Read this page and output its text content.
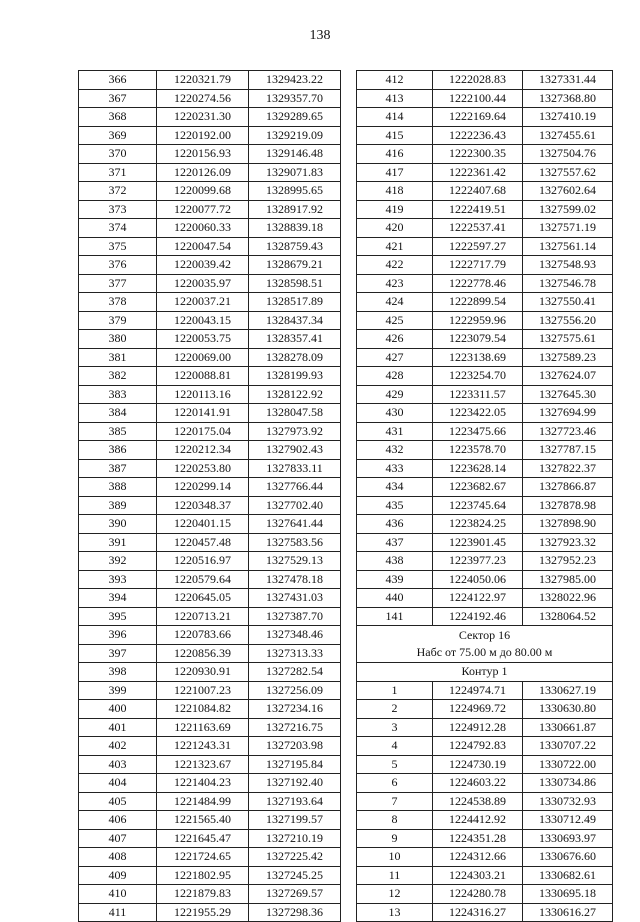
138
366	1220321.79	1329423.22
367	1220274.56	1329357.70
368	1220231.30	1329289.65
369	1220192.00	1329219.09
370	1220156.93	1329146.48
371	1220126.09	1329071.83
372	1220099.68	1328995.65
373	1220077.72	1328917.92
374	1220060.33	1328839.18
375	1220047.54	1328759.43
376	1220039.42	1328679.21
377	1220035.97	1328598.51
378	1220037.21	1328517.89
379	1220043.15	1328437.34
380	1220053.75	1328357.41
381	1220069.00	1328278.09
382	1220088.81	1328199.93
383	1220113.16	1328122.92
384	1220141.91	1328047.58
385	1220175.04	1327973.92
386	1220212.34	1327902.43
387	1220253.80	1327833.11
388	1220299.14	1327766.44
389	1220348.37	1327702.40
390	1220401.15	1327641.44
391	1220457.48	1327583.56
392	1220516.97	1327529.13
393	1220579.64	1327478.18
394	1220645.05	1327431.03
395	1220713.21	1327387.70
396	1220783.66	1327348.46
397	1220856.39	1327313.33
398	1220930.91	1327282.54
399	1221007.23	1327256.09
400	1221084.82	1327234.16
401	1221163.69	1327216.75
402	1221243.31	1327203.98
403	1221323.67	1327195.84
404	1221404.23	1327192.40
405	1221484.99	1327193.64
406	1221565.40	1327199.57
407	1221645.47	1327210.19
408	1221724.65	1327225.42
409	1221802.95	1327245.25
410	1221879.83	1327269.57
411	1221955.29	1327298.36
412	1222028.83	1327331.44
413	1222100.44	1327368.80
414	1222169.64	1327410.19
415	1222236.43	1327455.61
416	1222300.35	1327504.76
417	1222361.42	1327557.62
418	1222407.68	1327602.64
419	1222419.51	1327599.02
420	1222537.41	1327571.19
421	1222597.27	1327561.14
422	1222717.79	1327548.93
423	1222778.46	1327546.78
424	1222899.54	1327550.41
425	1222959.96	1327556.20
426	1223079.54	1327575.61
427	1223138.69	1327589.23
428	1223254.70	1327624.07
429	1223311.57	1327645.30
430	1223422.05	1327694.99
431	1223475.66	1327723.46
432	1223578.70	1327787.15
433	1223628.14	1327822.37
434	1223682.67	1327866.87
435	1223745.64	1327878.98
436	1223824.25	1327898.90
437	1223901.45	1327923.32
438	1223977.23	1327952.23
439	1224050.06	1327985.00
440	1224122.97	1328022.96
141	1224192.46	1328064.52

Сектор 16
Набс от 75.00 м до 80.00 м		

Контур 1		
1	1224974.71	1330627.19
2	1224969.72	1330630.80
3	1224912.28	1330661.87
4	1224792.83	1330707.22
5	1224730.19	1330722.00
6	1224603.22	1330734.86
7	1224538.89	1330732.93
8	1224412.92	1330712.49
9	1224351.28	1330693.97
10	1224312.66	1330676.60
11	1224303.21	1330682.61
12	1224280.78	1330695.18
13	1224316.27	1330616.27
